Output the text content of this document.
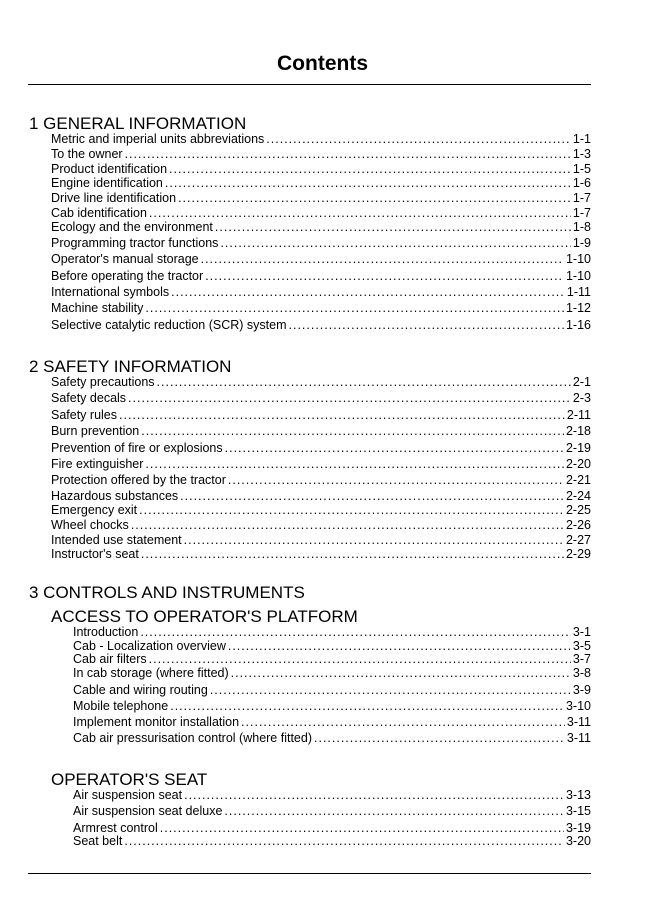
Contents
1 GENERAL INFORMATION
Metric and imperial units abbreviations .....	1-1
To the owner .....	1-3
Product identification .....	1-5
Engine identification .....	1-6
Drive line identification .....	1-7
Cab identification .....	1-7
Ecology and the environment .....	1-8
Programming tractor functions .....	1-9
Operator's manual storage .....	1-10
Before operating the tractor .....	1-10
International symbols .....	1-11
Machine stability .....	1-12
Selective catalytic reduction (SCR) system .....	1-16
2 SAFETY INFORMATION
Safety precautions .....	2-1
Safety decals .....	2-3
Safety rules .....	2-11
Burn prevention .....	2-18
Prevention of fire or explosions .....	2-19
Fire extinguisher .....	2-20
Protection offered by the tractor .....	2-21
Hazardous substances .....	2-24
Emergency exit .....	2-25
Wheel chocks .....	2-26
Intended use statement .....	2-27
Instructor's seat .....	2-29
3 CONTROLS AND INSTRUMENTS
ACCESS TO OPERATOR'S PLATFORM
Introduction .....	3-1
Cab - Localization overview .....	3-5
Cab air filters .....	3-7
In cab storage (where fitted) .....	3-8
Cable and wiring routing .....	3-9
Mobile telephone .....	3-10
Implement monitor installation .....	3-11
Cab air pressurisation control (where fitted) .....	3-11
OPERATOR'S SEAT
Air suspension seat .....	3-13
Air suspension seat deluxe .....	3-15
Armrest control .....	3-19
Seat belt .....	3-20
